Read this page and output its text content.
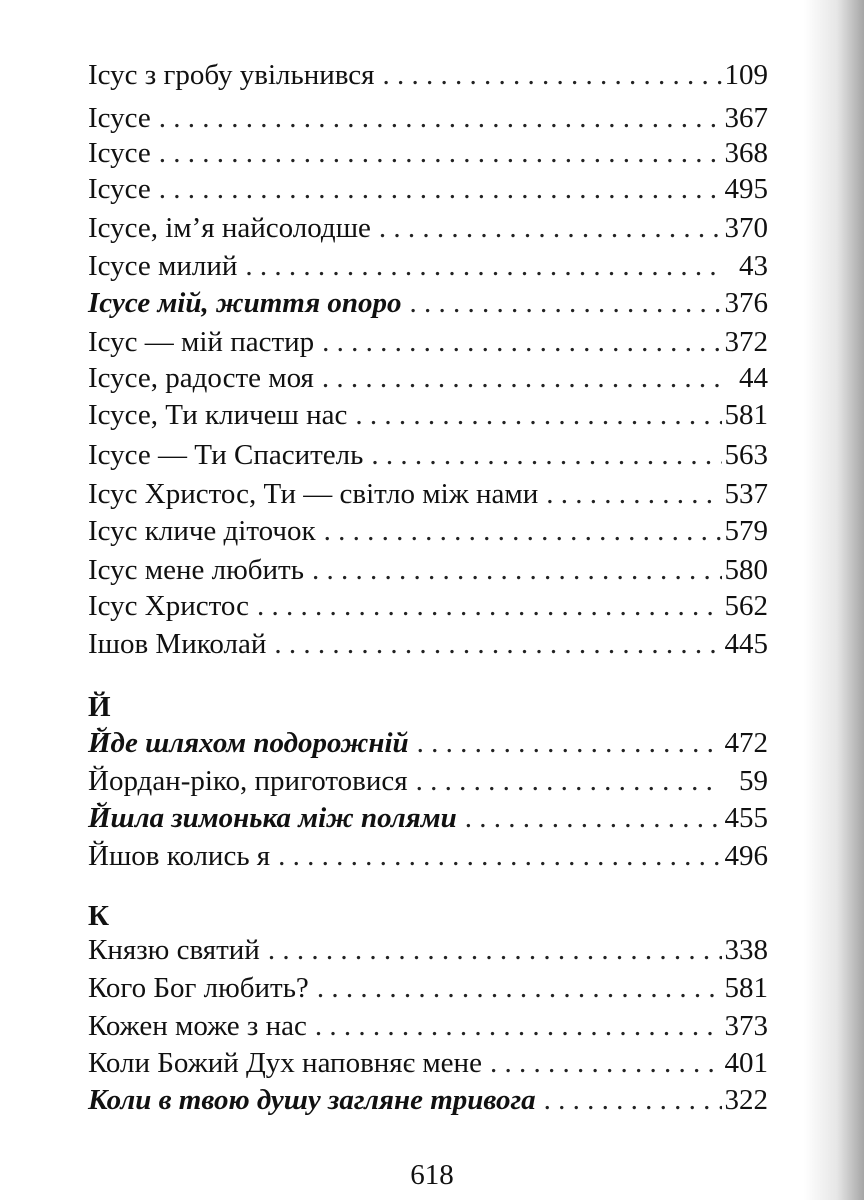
Ісус з гробу увільнився . . .	109
Ісусе . . .	367
Ісусе . . .	368
Ісусе . . .	495
Ісусе, ім’я найсолодше . . .	370
Ісусе милий . . .	43
Ісусе мій, життя опоро . . .	376
Ісус — мій пастир . . .	372
Ісусе, радосте моя . . .	44
Ісусе, Ти кличеш нас . . .	581
Ісусе — Ти Спаситель . . .	563
Ісус Христос, Ти — світло між нами . . .	537
Ісус кличе діточок . . .	579
Ісус мене любить . . .	580
Ісус Христос . . .	562
Ішов Миколай . . .	445
Й
Йде шляхом подорожній . . .	472
Йордан-ріко, приготовися . . .	59
Йшла зимонька між полями . . .	455
Йшов колись я . . .	496
К
Князю святий . . .	338
Кого Бог любить? . . .	581
Кожен може з нас . . .	373
Коли Божий Дух наповняє мене . . .	401
Коли в твою душу загляне тривога . . .	322
618
